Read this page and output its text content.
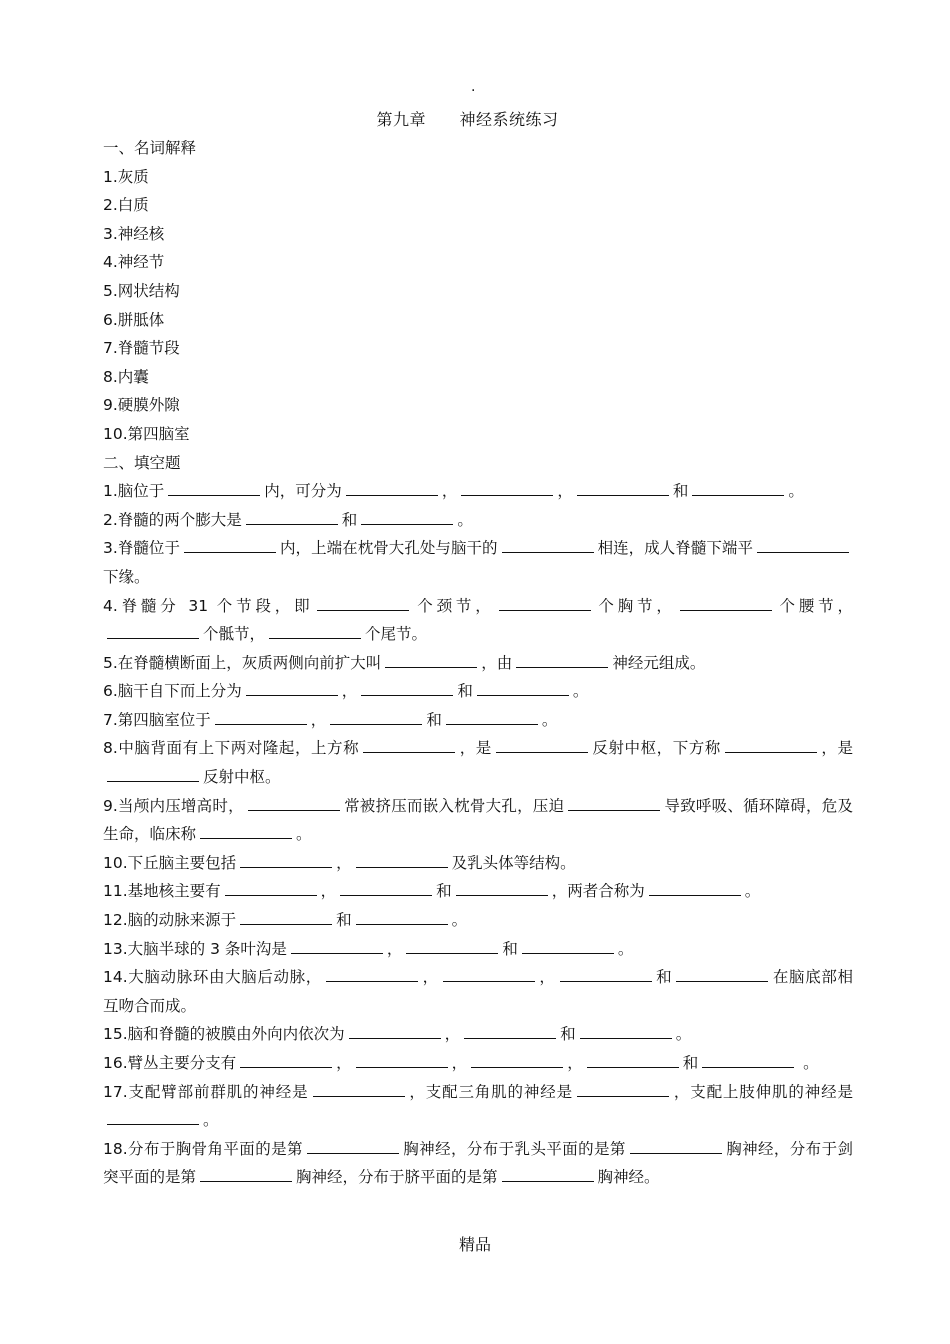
.
第九章      神经系统练习
一、名词解释
1.灰质
2.白质
3.神经核
4.神经节
5.网状结构
6.胼胝体
7.脊髓节段
8.内囊
9.硬膜外隙
10.第四脑室
二、填空题
1.脑位于	内，可分为	，	，	和	。
2.脊髓的两个膨大是	和	。
3.脊髓位于	内，上端在枕骨大孔处与脑干的	相连，成人脊髓下端平下缘。
4.脊髓分 31 个节段，即	个颈节，	个胸节，	个腰节，个骶节，	个尾节。
5.在脊髓横断面上，灰质两侧向前扩大叫	，由	神经元组成。
6.脑干自下而上分为	，	和	。
7.第四脑室位于	，	和	。
8.中脑背面有上下两对隆起，上方称	，是	反射中枢，下方称	，是反射中枢。
9.当颅内压增高时，	常被挤压而嵌入枕骨大孔，压迫	导致呼吸、循环障碍，危及生命，临床称	。
10.下丘脑主要包括	，	及乳头体等结构。
11.基地核主要有	，	和	，两者合称为	。
12.脑的动脉来源于	和	。
13.大脑半球的 3 条叶沟是	，	和	。
14.大脑动脉环由大脑后动脉，	，	，	和	在脑底部相互吻合而成。
15.脑和脊髓的被膜由外向内依次为	，	和	。
16.臂丛主要分支有	，	，	，	和	。
17.支配臂部前群肌的神经是	，支配三角肌的神经是	，支配上肢伸肌的神经是。
18.分布于胸骨角平面的是第	胸神经，分布于乳头平面的是第	胸神经，分布于剑突平面的是第	胸神经，分布于脐平面的是第	胸神经。
精品
